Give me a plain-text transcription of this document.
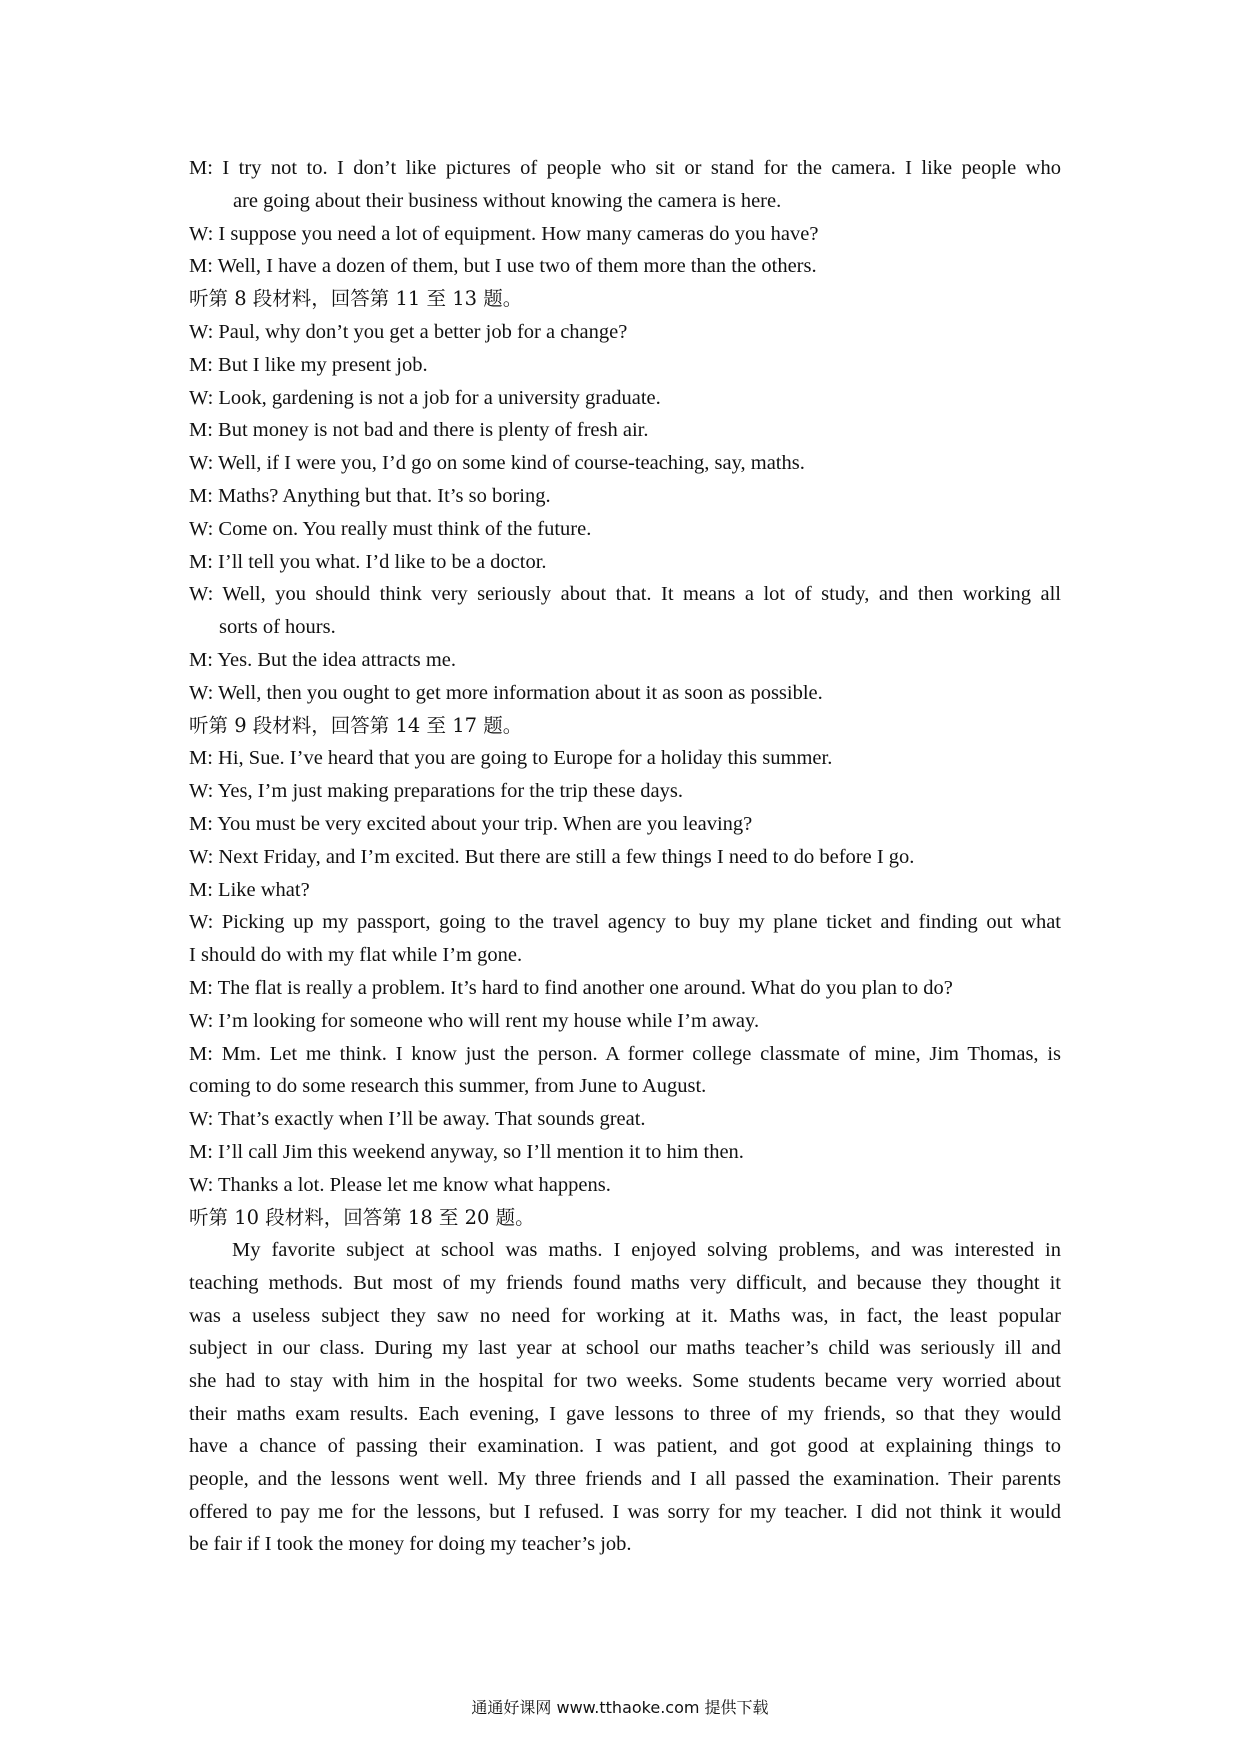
M: I try not to. I don’t like pictures of people who sit or stand for the camera. I like people who
are going about their business without knowing the camera is here.
W: I suppose you need a lot of equipment. How many cameras do you have?
M: Well, I have a dozen of them, but I use two of them more than the others.
听第 8 段材料，回答第 11 至 13 题。
W: Paul, why don’t you get a better job for a change?
M: But I like my present job.
W: Look, gardening is not a job for a university graduate.
M: But money is not bad and there is plenty of fresh air.
W: Well, if I were you, I’d go on some kind of course-teaching, say, maths.
M: Maths? Anything but that. It’s so boring.
W: Come on. You really must think of the future.
M: I’ll tell you what. I’d like to be a doctor.
W: Well, you should think very seriously about that. It means a lot of study, and then working all
sorts of hours.
M: Yes. But the idea attracts me.
W: Well, then you ought to get more information about it as soon as possible.
听第 9 段材料，回答第 14 至 17 题。
M: Hi, Sue. I’ve heard that you are going to Europe for a holiday this summer.
W: Yes, I’m just making preparations for the trip these days.
M: You must be very excited about your trip. When are you leaving?
W: Next Friday, and I’m excited. But there are still a few things I need to do before I go.
M: Like what?
W: Picking up my passport, going to the travel agency to buy my plane ticket and finding out what
I should do with my flat while I’m gone.
M: The flat is really a problem. It’s hard to find another one around. What do you plan to do?
W: I’m looking for someone who will rent my house while I’m away.
M: Mm. Let me think. I know just the person. A former college classmate of mine, Jim Thomas, is
coming to do some research this summer, from June to August.
W: That’s exactly when I’ll be away. That sounds great.
M: I’ll call Jim this weekend anyway, so I’ll mention it to him then.
W: Thanks a lot. Please let me know what happens.
听第 10 段材料，回答第 18 至 20 题。
My favorite subject at school was maths. I enjoyed solving problems, and was interested in
teaching methods. But most of my friends found maths very difficult, and because they thought it
was a useless subject they saw no need for working at it. Maths was, in fact, the least popular
subject in our class. During my last year at school our maths teacher’s child was seriously ill and
she had to stay with him in the hospital for two weeks. Some students became very worried about
their maths exam results. Each evening, I gave lessons to three of my friends, so that they would
have a chance of passing their examination. I was patient, and got good at explaining things to
people, and the lessons went well. My three friends and I all passed the examination. Their parents
offered to pay me for the lessons, but I refused. I was sorry for my teacher. I did not think it would
be fair if I took the money for doing my teacher’s job.
通通好课网 www.tthaoke.com 提供下载
